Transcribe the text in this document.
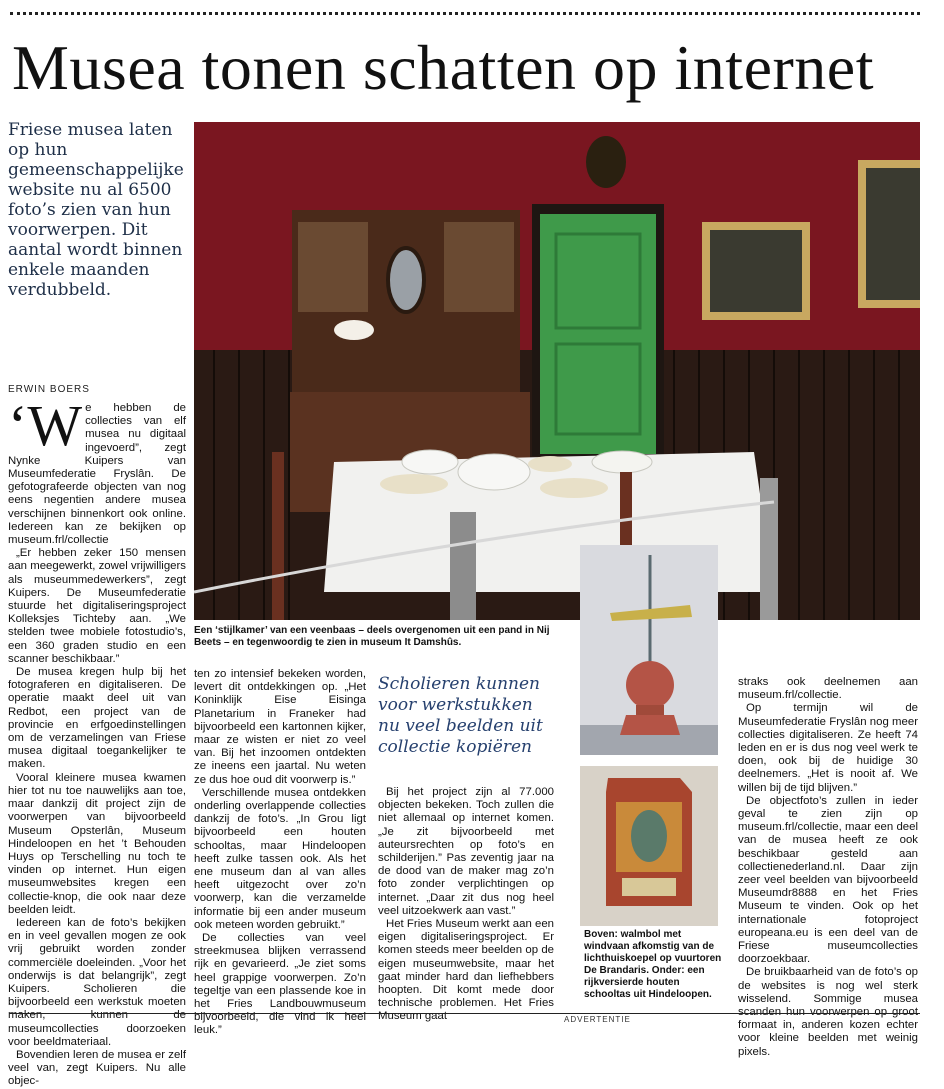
Musea tonen schatten op internet

Friese musea laten op hun gemeenschappelijke website nu al 6500 foto’s zien van hun voorwerpen. Dit aantal wordt binnen enkele maanden verdubbeld.

ERWIN BOERS
Een ‘stijlkamer’ van een veenbaas – deels overgenomen uit een pand in Nij Beets – en tegenwoordig te zien in museum It Damshûs.

‘We hebben de collecties van elf musea nu digitaal ingevoerd”, zegt Nynke Kuipers van Museumfederatie Fryslân. De gefotografeerde objecten van nog eens negentien andere musea verschijnen binnenkort ook online. Iedereen kan ze bekijken op museum.frl/collectie

„Er hebben zeker 150 mensen aan meegewerkt, zowel vrijwilligers als museummedewerkers”, zegt Kuipers. De Museumfederatie stuurde het digitaliseringsproject Kolleksjes Tichteby aan. „We stelden twee mobiele fotostudio’s, een 360 graden studio en een scanner beschikbaar.”

De musea kregen hulp bij het fotograferen en digitaliseren. De operatie maakt deel uit van Redbot, een project van de provincie en erfgoedinstellingen om de verzamelingen van Friese musea digitaal toegankelijker te maken.

Vooral kleinere musea kwamen hier tot nu toe nauwelijks aan toe, maar dankzij dit project zijn de voorwerpen van bijvoorbeeld Museum Opsterlân, Museum Hindeloopen en het ’t Behouden Huys op Terschelling nu toch te vinden op internet. Hun eigen museumwebsites kregen een collectie-knop, die ook naar deze beelden leidt.

Iedereen kan de foto’s bekijken en in veel gevallen mogen ze ook vrij gebruikt worden zonder commerciële doeleinden. „Voor het onderwijs is dat belangrijk”, zegt Kuipers. Scholieren die bijvoorbeeld een werkstuk moeten maken, kunnen de museumcollecties doorzoeken voor beeldmateriaal.

Bovendien leren de musea er zelf veel van, zegt Kuipers. Nu alle objec-

ten zo intensief bekeken worden, levert dit ontdekkingen op. „Het Koninklijk Eise Eisinga Planetarium in Franeker had bijvoorbeeld een kartonnen kijker, maar ze wisten er niet zo veel van. Bij het inzoomen ontdekten ze ineens een jaartal. Nu weten ze dus hoe oud dit voorwerp is.”

Verschillende musea ontdekken onderling overlappende collecties dankzij de foto’s. „In Grou ligt bijvoorbeeld een houten schooltas, maar Hindeloopen heeft zulke tassen ook. Als het ene museum dan al van alles heeft uitgezocht over zo’n voorwerp, kan die verzamelde informatie bij een ander museum ook meteen worden gebruikt.”

De collecties van veel streekmusea blijken verrassend rijk en gevarieerd. „Je ziet soms heel grappige voorwerpen. Zo’n tegeltje van een plassende koe in het Fries Landbouwmuseum bijvoorbeeld, die vind ik heel leuk.”

Scholieren kunnen voor werkstukken nu veel beelden uit collectie kopiëren

Bij het project zijn al 77.000 objecten bekeken. Toch zullen die niet allemaal op internet komen. „Je zit bijvoorbeeld met auteursrechten op foto’s en schilderijen.” Pas zeventig jaar na de dood van de maker mag zo’n foto zonder verplichtingen op internet. „Daar zit dus nog heel veel uitzoekwerk aan vast.”

Het Fries Museum werkt aan een eigen digitaliseringsproject. Er komen steeds meer beelden op de eigen museumwebsite, maar het gaat minder hard dan liefhebbers hoopten. Dit komt mede door technische problemen. Het Fries Museum gaat

Boven: walmbol met windvaan afkomstig van de lichthuiskoepel op vuurtoren De Brandaris. Onder: een rijkversierde houten schooltas uit Hindeloopen.

straks ook deelnemen aan museum.frl/collectie.

Op termijn wil de Museumfederatie Fryslân nog meer collecties digitaliseren. Ze heeft 74 leden en er is dus nog veel werk te doen, ook bij de huidige 30 deelnemers. „Het is nooit af. We willen bij de tijd blijven.”

De objectfoto’s zullen in ieder geval te zien zijn op museum.frl/collectie, maar een deel van de musea heeft ze ook beschikbaar gesteld aan collectienederland.nl. Daar zijn zeer veel beelden van bijvoorbeeld Museumdr8888 en het Fries Museum te vinden. Ook op het internationale fotoproject europeana.eu is een deel van de Friese museumcollecties doorzoekbaar.

De bruikbaarheid van de foto’s op de websites is nog wel sterk wisselend. Sommige musea scanden hun voorwerpen op groot formaat in, anderen kozen echter voor kleine beelden met weinig pixels.

ADVERTENTIE
